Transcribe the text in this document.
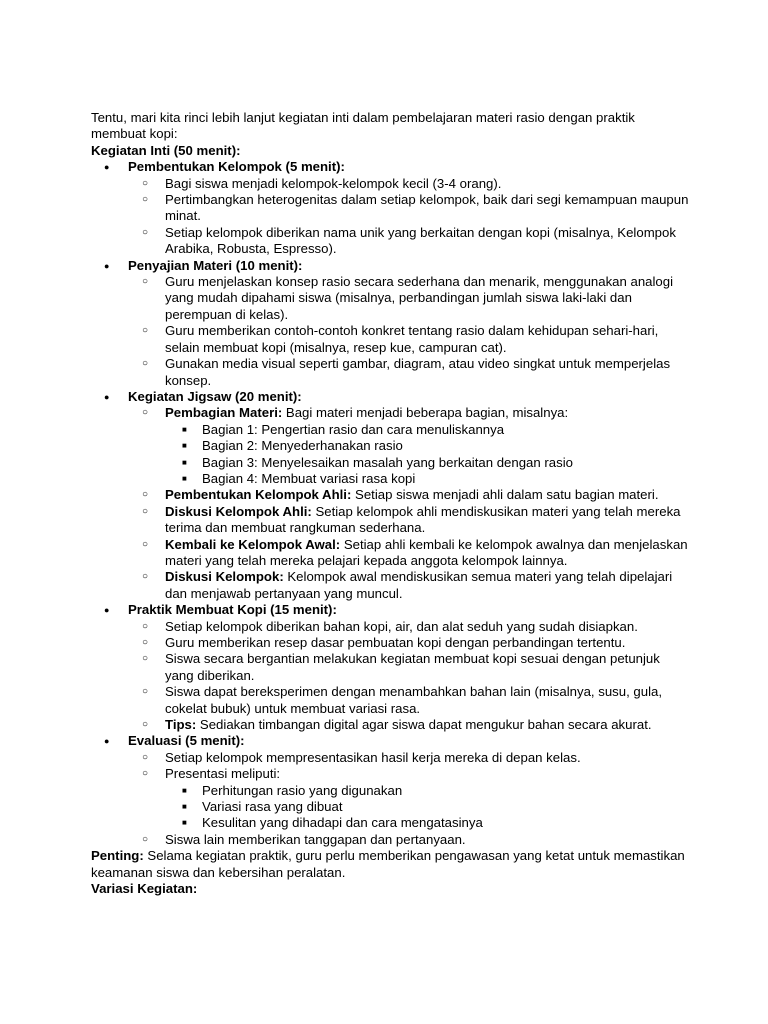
Tentu, mari kita rinci lebih lanjut kegiatan inti dalam pembelajaran materi rasio dengan praktik membuat kopi:

Kegiatan Inti (50 menit):

● Pembentukan Kelompok (5 menit):
○ Bagi siswa menjadi kelompok-kelompok kecil (3-4 orang).
○ Pertimbangkan heterogenitas dalam setiap kelompok, baik dari segi kemampuan maupun minat.
○ Setiap kelompok diberikan nama unik yang berkaitan dengan kopi (misalnya, Kelompok Arabika, Robusta, Espresso).
● Penyajian Materi (10 menit):
○ Guru menjelaskan konsep rasio secara sederhana dan menarik, menggunakan analogi yang mudah dipahami siswa (misalnya, perbandingan jumlah siswa laki-laki dan perempuan di kelas).
○ Guru memberikan contoh-contoh konkret tentang rasio dalam kehidupan sehari-hari, selain membuat kopi (misalnya, resep kue, campuran cat).
○ Gunakan media visual seperti gambar, diagram, atau video singkat untuk memperjelas konsep.
● Kegiatan Jigsaw (20 menit):
○ Pembagian Materi: Bagi materi menjadi beberapa bagian, misalnya:
■ Bagian 1: Pengertian rasio dan cara menuliskannya
■ Bagian 2: Menyederhanakan rasio
■ Bagian 3: Menyelesaikan masalah yang berkaitan dengan rasio
■ Bagian 4: Membuat variasi rasa kopi
○ Pembentukan Kelompok Ahli: Setiap siswa menjadi ahli dalam satu bagian materi.
○ Diskusi Kelompok Ahli: Setiap kelompok ahli mendiskusikan materi yang telah mereka terima dan membuat rangkuman sederhana.
○ Kembali ke Kelompok Awal: Setiap ahli kembali ke kelompok awalnya dan menjelaskan materi yang telah mereka pelajari kepada anggota kelompok lainnya.
○ Diskusi Kelompok: Kelompok awal mendiskusikan semua materi yang telah dipelajari dan menjawab pertanyaan yang muncul.
● Praktik Membuat Kopi (15 menit):
○ Setiap kelompok diberikan bahan kopi, air, dan alat seduh yang sudah disiapkan.
○ Guru memberikan resep dasar pembuatan kopi dengan perbandingan tertentu.
○ Siswa secara bergantian melakukan kegiatan membuat kopi sesuai dengan petunjuk yang diberikan.
○ Siswa dapat bereksperimen dengan menambahkan bahan lain (misalnya, susu, gula, cokelat bubuk) untuk membuat variasi rasa.
○ Tips: Sediakan timbangan digital agar siswa dapat mengukur bahan secara akurat.
● Evaluasi (5 menit):
○ Setiap kelompok mempresentasikan hasil kerja mereka di depan kelas.
○ Presentasi meliputi:
■ Perhitungan rasio yang digunakan
■ Variasi rasa yang dibuat
■ Kesulitan yang dihadapi dan cara mengatasinya
○ Siswa lain memberikan tanggapan dan pertanyaan.

Penting: Selama kegiatan praktik, guru perlu memberikan pengawasan yang ketat untuk memastikan keamanan siswa dan kebersihan peralatan.

Variasi Kegiatan:
